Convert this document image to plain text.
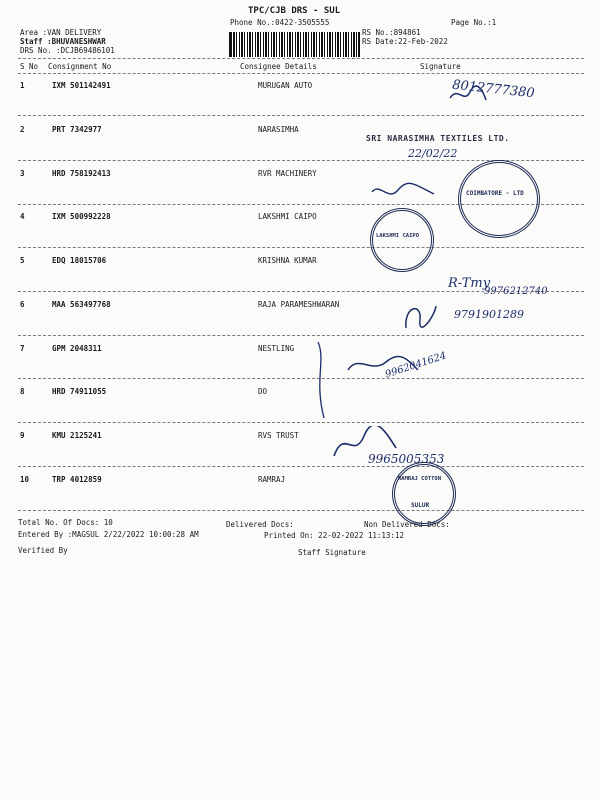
TPC/CJB DRS - SUL
Phone No.:0422-3505555	Page No.:1
Area :VAN DELIVERY
Staff :BHUVANESHWAR
DRS No. :DCJB69486101
RS No.:894861
RS Date:22-Feb-2022
S No Consignment No	Consignee Details	Signature
1	IXM 501142491	MURUGAN AUTO
2	PRT 7342977	NARASIMHA
3	HRD 758192413	RVR MACHINERY
4	IXM 500992228	LAKSHMI CAIPO
5	EDQ 18015706	KRISHNA KUMAR
6	MAA 563497768	RAJA PARAMESHWARAN
7	GPM 2048311	NESTLING
8	HRD 74911055	DO
9	KMU 2125241	RVS TRUST
10	TRP 4012859	RAMRAJ
Total No. Of Docs: 10	Delivered Docs:	Non Delivered Docs:
Entered By :MAGSUL 2/22/2022 10:00:28 AM	Printed On: 22-02-2022 11:13:12
Verified By	Staff Signature
8012777380
SRI NARASIMHA TEXTILES LTD.
22/02/22
COIMBATORE - LTD
LAKSHMI CAIPO
R-Tmy
9976212740
9791901289
9962041624
9965005353
RAMRAJ COTTON
SULUR
